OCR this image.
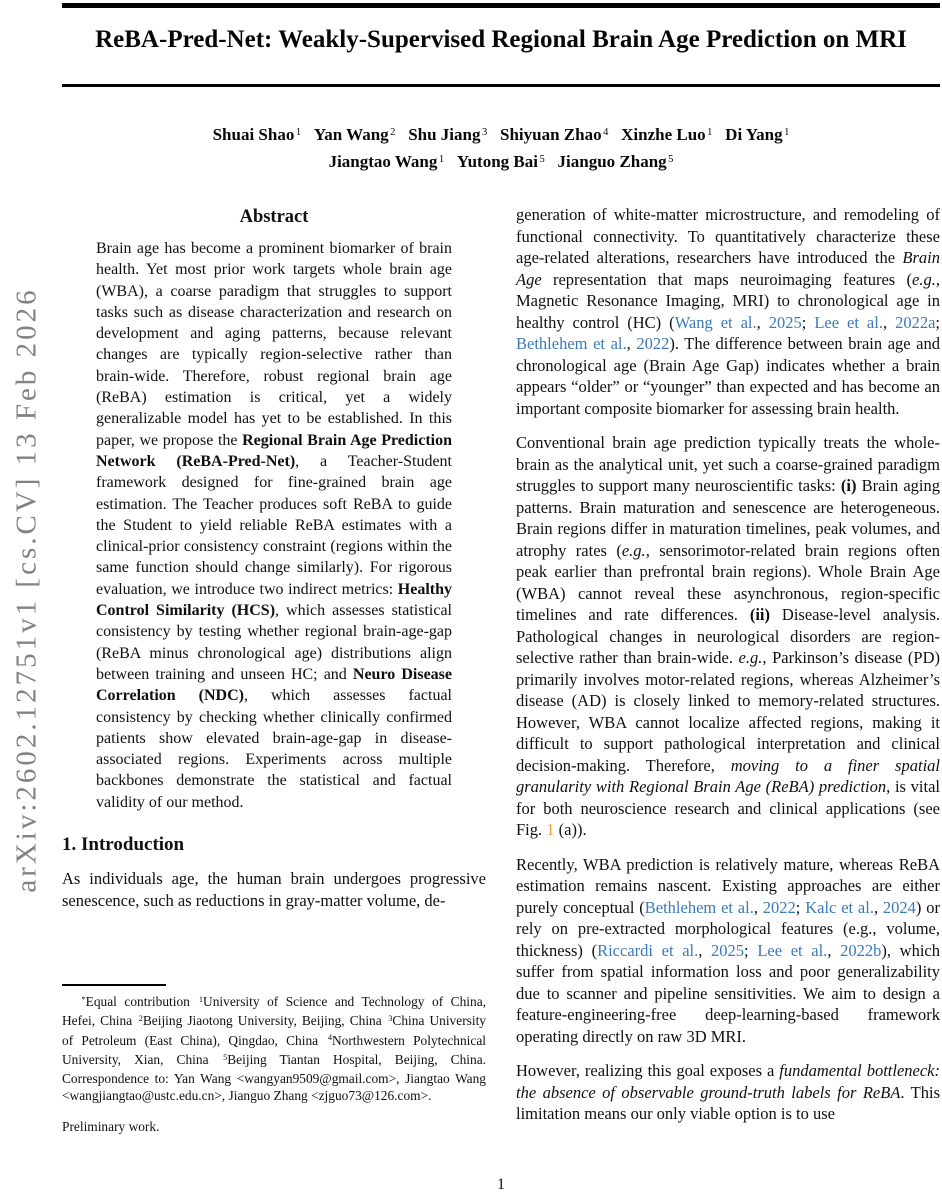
arXiv:2602.12751v1 [cs.CV] 13 Feb 2026
ReBA-Pred-Net: Weakly-Supervised Regional Brain Age Prediction on MRI
Shuai Shao $^1$ Yan Wang $^2$ Shu Jiang $^3$ Shiyuan Zhao $^4$ Xinzhe Luo $^1$ Di Yang $^1$
Jiangtao Wang $^1$ Yutong Bai $^5$ Jianguo Zhang $^5$
Abstract

Brain age has become a prominent biomarker of brain health. Yet most prior work targets whole brain age (WBA), a coarse paradigm that struggles to support tasks such as disease characterization and research on development and aging patterns, because relevant changes are typically region-selective rather than brain-wide. Therefore, robust regional brain age (ReBA) estimation is critical, yet a widely generalizable model has yet to be established. In this paper, we propose the Regional Brain Age Prediction Network (ReBA-Pred-Net), a Teacher-Student framework designed for fine-grained brain age estimation. The Teacher produces soft ReBA to guide the Student to yield reliable ReBA estimates with a clinical-prior consistency constraint (regions within the same function should change similarly). For rigorous evaluation, we introduce two indirect metrics: Healthy Control Similarity (HCS), which assesses statistical consistency by testing whether regional brain-age-gap (ReBA minus chronological age) distributions align between training and unseen HC; and Neuro Disease Correlation (NDC), which assesses factual consistency by checking whether clinically confirmed patients show elevated brain-age-gap in disease-associated regions. Experiments across multiple backbones demonstrate the statistical and factual validity of our method.

1. Introduction

As individuals age, the human brain undergoes progressive senescence, such as reductions in gray-matter volume, de-

*Equal contribution $^1$University of Science and Technology of China, Hefei, China $^2$Beijing Jiaotong University, Beijing, China $^3$China University of Petroleum (East China), Qingdao, China $^4$Northwestern Polytechnical University, Xian, China $^5$Beijing Tiantan Hospital, Beijing, China. Correspondence to: Yan Wang <wangyan9509@gmail.com>, Jiangtao Wang <wangjiangtao@ustc.edu.cn>, Jianguo Zhang <zjguo73@126.com>.

Preliminary work.

generation of white-matter microstructure, and remodeling of functional connectivity. To quantitatively characterize these age-related alterations, researchers have introduced the Brain Age representation that maps neuroimaging features (e.g., Magnetic Resonance Imaging, MRI) to chronological age in healthy control (HC) (Wang et al., 2025; Lee et al., 2022a; Bethlehem et al., 2022). The difference between brain age and chronological age (Brain Age Gap) indicates whether a brain appears “older” or “younger” than expected and has become an important composite biomarker for assessing brain health.

Conventional brain age prediction typically treats the whole-brain as the analytical unit, yet such a coarse-grained paradigm struggles to support many neuroscientific tasks: (i) Brain aging patterns. Brain maturation and senescence are heterogeneous. Brain regions differ in maturation timelines, peak volumes, and atrophy rates (e.g., sensorimotor-related brain regions often peak earlier than prefrontal brain regions). Whole Brain Age (WBA) cannot reveal these asynchronous, region-specific timelines and rate differences. (ii) Disease-level analysis. Pathological changes in neurological disorders are region-selective rather than brain-wide. e.g., Parkinson’s disease (PD) primarily involves motor-related regions, whereas Alzheimer’s disease (AD) is closely linked to memory-related structures. However, WBA cannot localize affected regions, making it difficult to support pathological interpretation and clinical decision-making. Therefore, moving to a finer spatial granularity with Regional Brain Age (ReBA) prediction, is vital for both neuroscience research and clinical applications (see Fig. 1 (a)).

Recently, WBA prediction is relatively mature, whereas ReBA estimation remains nascent. Existing approaches are either purely conceptual (Bethlehem et al., 2022; Kalc et al., 2024) or rely on pre-extracted morphological features (e.g., volume, thickness) (Riccardi et al., 2025; Lee et al., 2022b), which suffer from spatial information loss and poor generalizability due to scanner and pipeline sensitivities. We aim to design a feature-engineering-free deep-learning-based framework operating directly on raw 3D MRI.

However, realizing this goal exposes a fundamental bottleneck: the absence of observable ground-truth labels for ReBA. This limitation means our only viable option is to use

1
